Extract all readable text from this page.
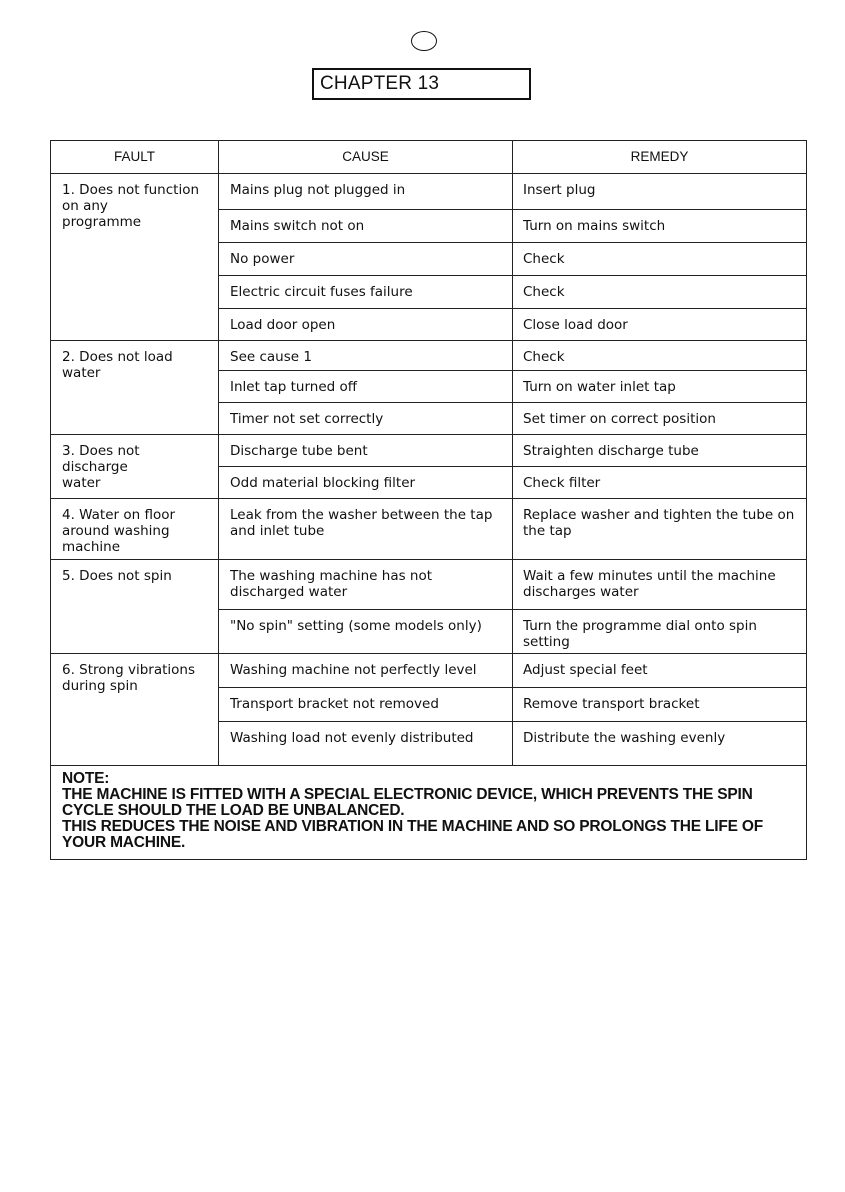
CHAPTER 13
FAULT	CAUSE	REMEDY
1. Does not function
on any
programme	Mains plug not plugged in	Insert plug
	Mains switch not on	Turn on mains switch
	No power	Check
	Electric circuit fuses failure	Check
	Load door open	Close load door
2. Does not load
water	See cause 1	Check
	Inlet tap turned off	Turn on water inlet tap
	Timer not set correctly	Set timer on correct position
3. Does not discharge
water	Discharge tube bent	Straighten discharge tube
	Odd material blocking filter	Check filter
4. Water on floor
around washing
machine	Leak from the washer between the tap and inlet tube	Replace washer and tighten the tube on the tap
5. Does not spin	The washing machine has not discharged water	Wait a few minutes until the machine discharges water
	"No spin" setting (some models only)	Turn the programme dial onto spin setting
6. Strong vibrations
during spin	Washing machine not perfectly level	Adjust special feet
	Transport bracket not removed	Remove transport bracket
	Washing load not evenly distributed	Distribute the washing evenly

NOTE:
THE MACHINE IS FITTED WITH A SPECIAL ELECTRONIC DEVICE, WHICH PREVENTS THE SPIN CYCLE SHOULD THE LOAD BE UNBALANCED.
THIS REDUCES THE NOISE AND VIBRATION IN THE MACHINE AND SO PROLONGS THE LIFE OF YOUR MACHINE.		
